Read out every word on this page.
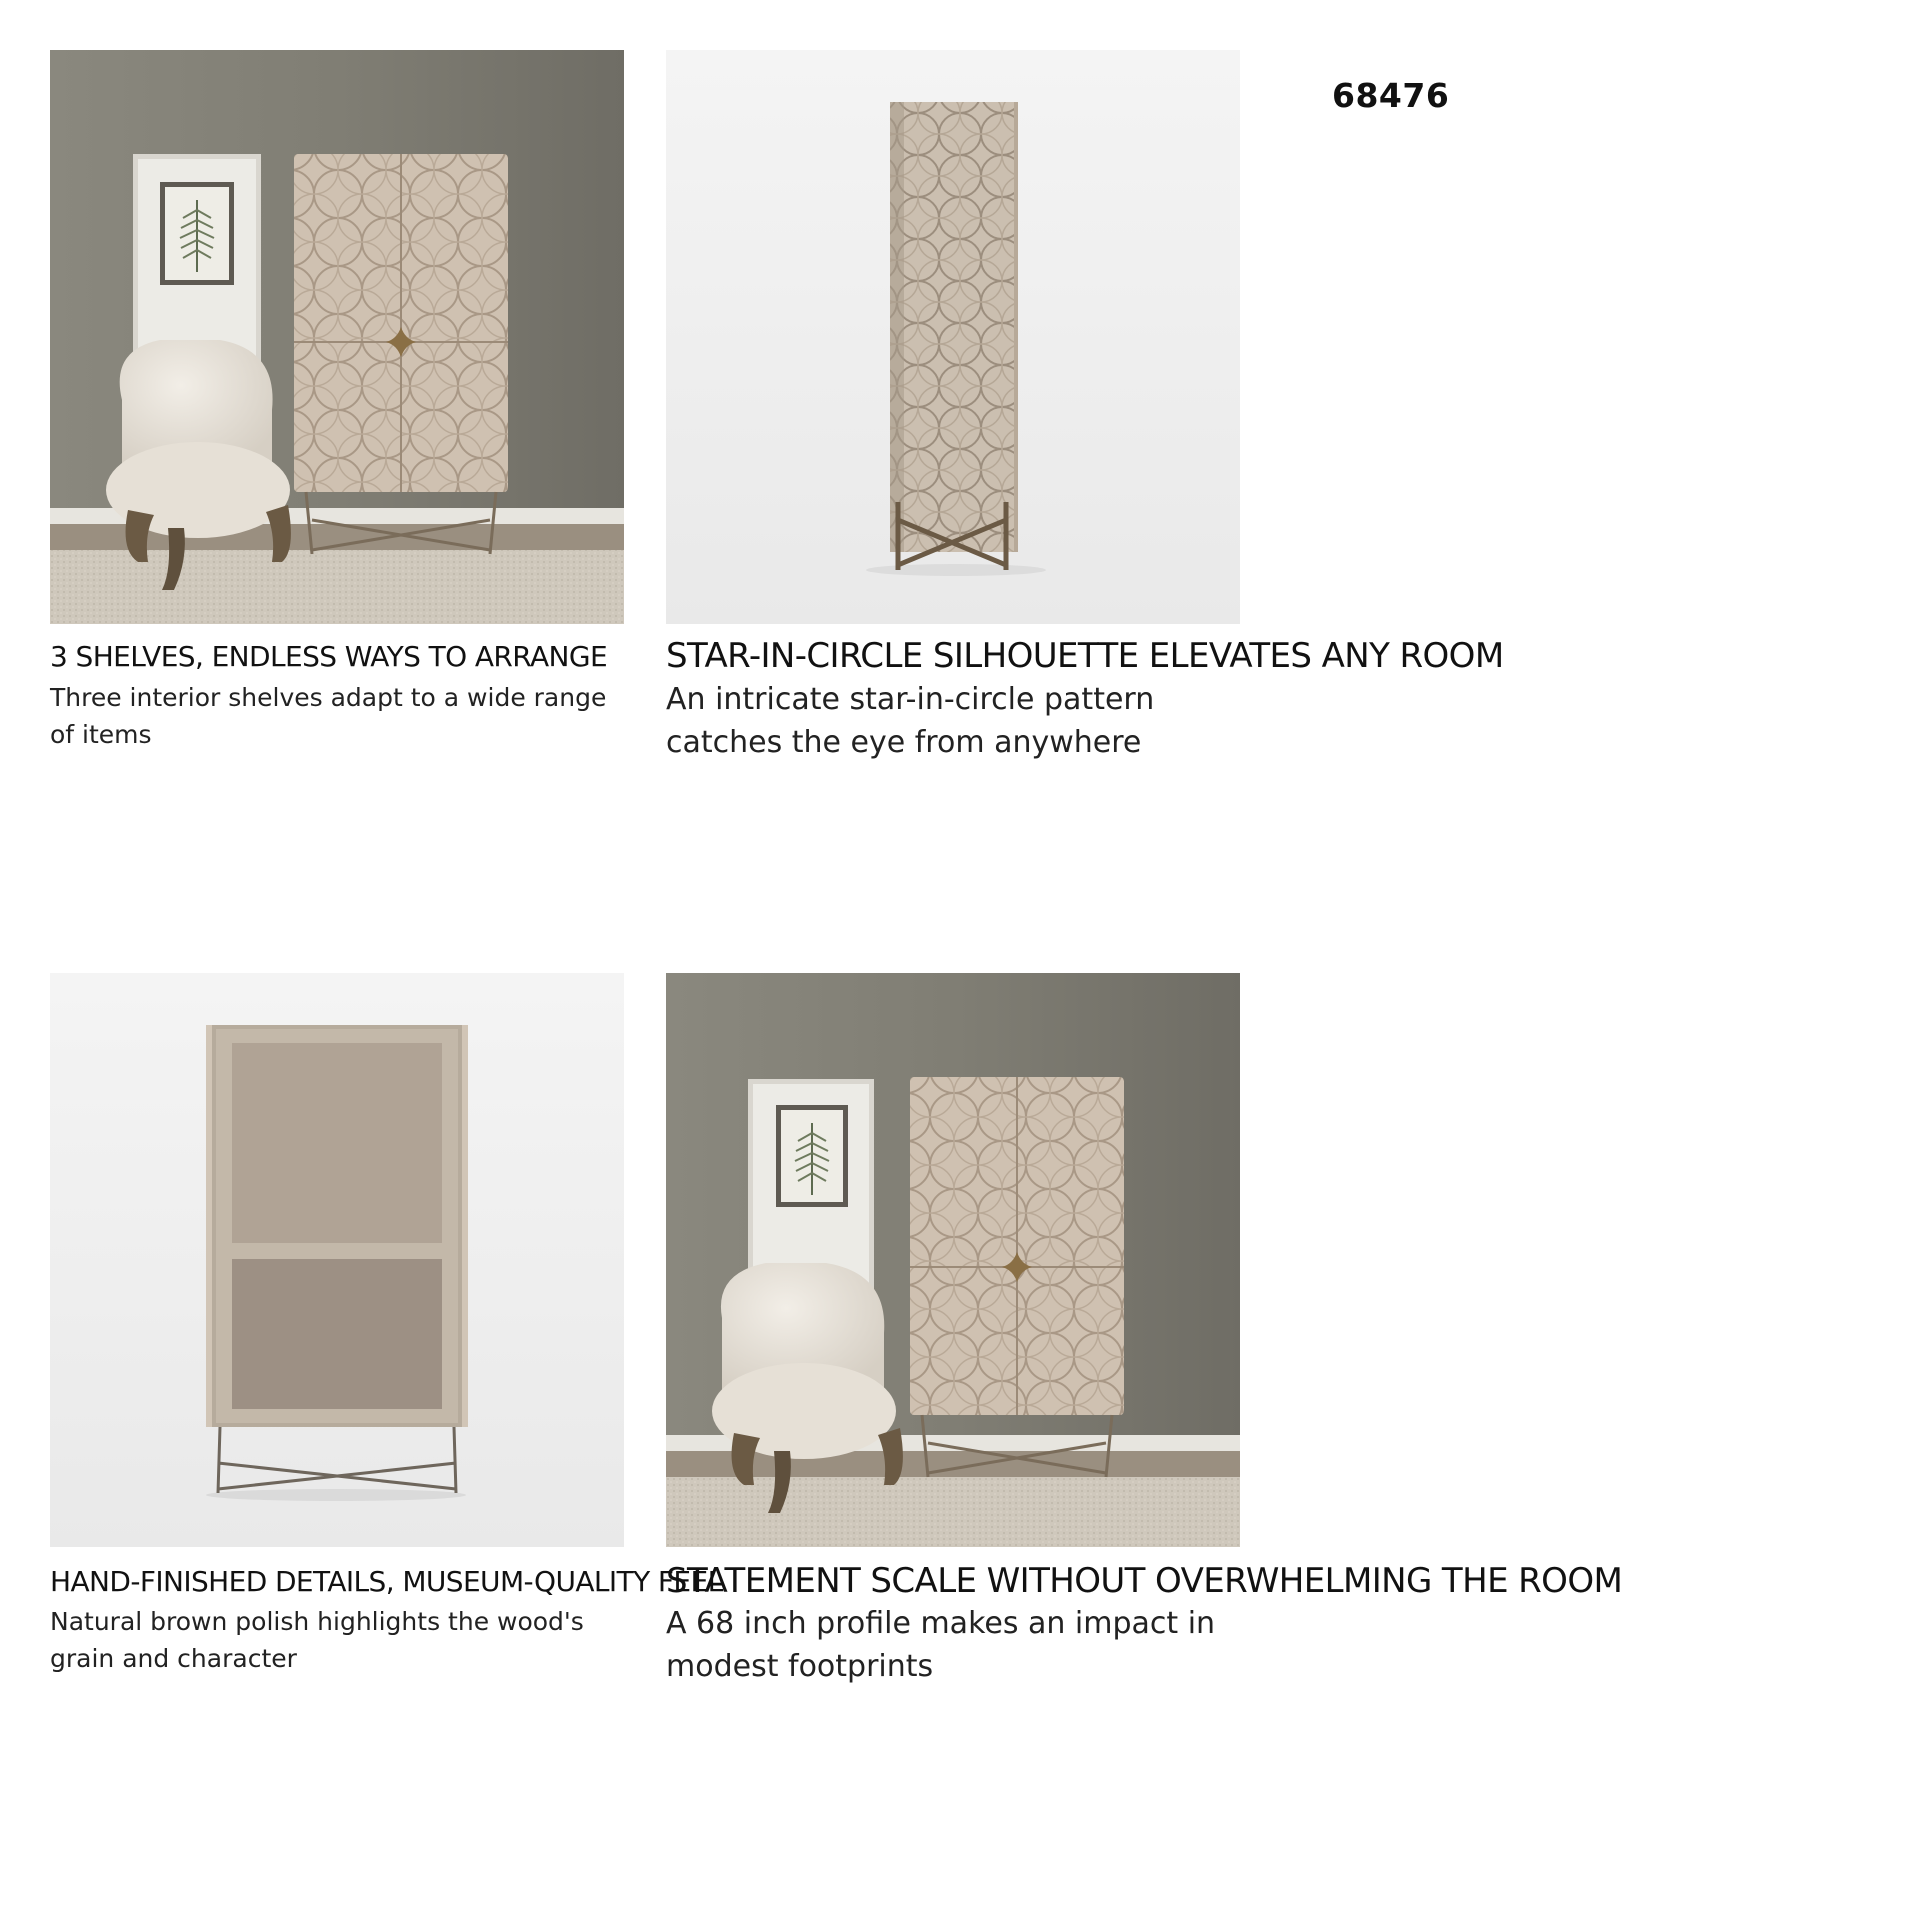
68476
3 SHELVES, ENDLESS WAYS TO ARRANGE
Three interior shelves adapt to a wide range of items
STAR-IN-CIRCLE SILHOUETTE ELEVATES ANY ROOM
An intricate star-in-circle pattern catches the eye from anywhere
HAND-FINISHED DETAILS, MUSEUM-QUALITY FEEL
Natural brown polish highlights the wood's grain and character
STATEMENT SCALE WITHOUT OVERWHELMING THE ROOM
A 68 inch profile makes an impact in modest footprints
